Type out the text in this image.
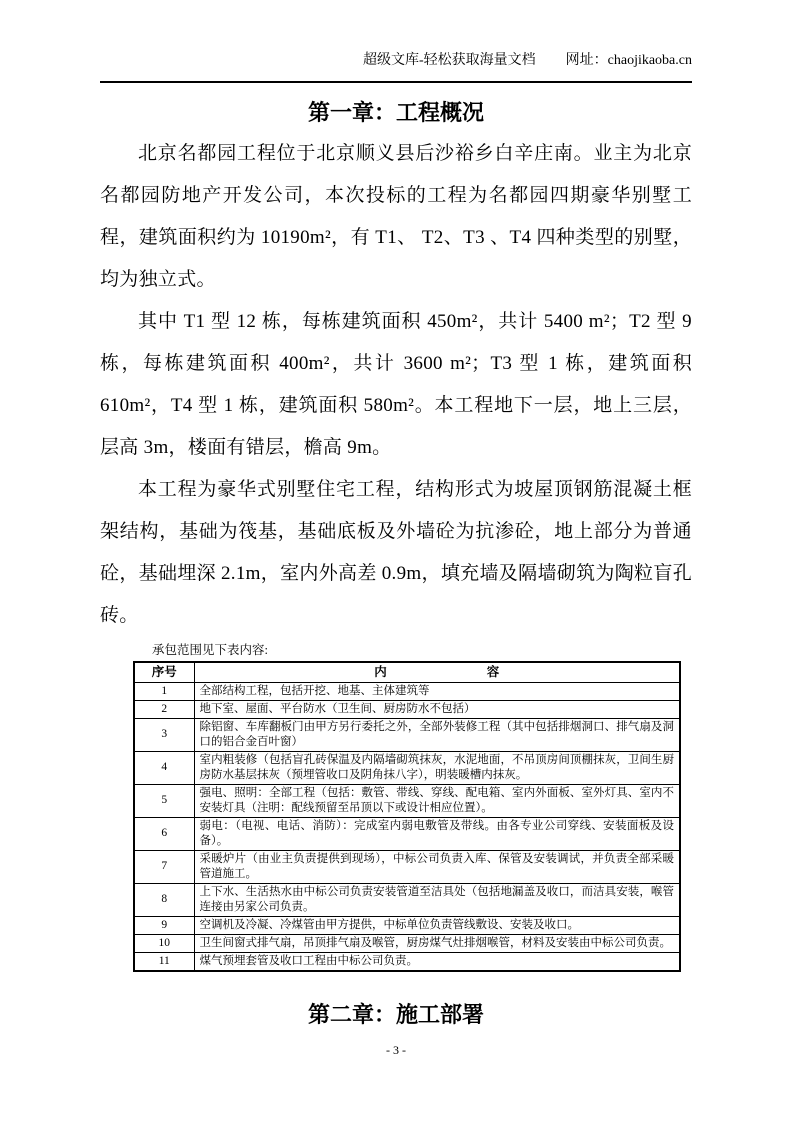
超级文库-轻松获取海量文档 网址：chaojikaoba.cn
第一章：工程概况

北京名都园工程位于北京顺义县后沙裕乡白辛庄南。业主为北京名都园防地产开发公司，本次投标的工程为名都园四期豪华别墅工程，建筑面积约为 10190m²，有 T1、 T2、T3 、T4 四种类型的别墅，均为独立式。

其中 T1 型 12 栋，每栋建筑面积 450m²，共计 5400 m²；T2 型 9 栋，每栋建筑面积 400m²，共计 3600 m²；T3 型 1 栋，建筑面积 610m²，T4 型 1 栋，建筑面积 580m²。本工程地下一层，地上三层，层高 3m，楼面有错层，檐高 9m。

本工程为豪华式别墅住宅工程，结构形式为坡屋顶钢筋混凝土框架结构，基础为筏基，基础底板及外墙砼为抗渗砼，地上部分为普通砼，基础埋深 2.1m，室内外高差 0.9m，填充墙及隔墙砌筑为陶粒盲孔砖。

承包范围见下表内容:
序号	内　　　　　　　　容
1	全部结构工程，包括开挖、地基、主体建筑等
2	地下室、屋面、平台防水（卫生间、厨房防水不包括）
3	除铝窗、车库翻板门由甲方另行委托之外，全部外装修工程（其中包括排烟洞口、排气扇及洞口的铝合金百叶窗）
4	室内粗装修（包括盲孔砖保温及内隔墙砌筑抹灰，水泥地面，不吊顶房间顶棚抹灰，卫间生厨房防水基层抹灰（预埋管收口及阴角抹八字），明装暖槽内抹灰。
5	强电、照明：全部工程（包括：敷管、带线、穿线、配电箱、室内外面板、室外灯具、室内不安装灯具（注明：配线预留至吊顶以下或设计相应位置）。
6	弱电：（电视、电话、消防）：完成室内弱电敷管及带线。由各专业公司穿线、安装面板及设备）。
7	采暖炉片（由业主负责提供到现场），中标公司负责入库、保管及安装调试，并负责全部采暖管道施工。
8	上下水、生活热水由中标公司负责安装管道至洁具处（包括地漏盖及收口，而洁具安装，喉管连接由另家公司负责。
9	空调机及冷凝、冷煤管由甲方提供，中标单位负责管线敷设、安装及收口。
10	卫生间窗式排气扇，吊顶排气扇及喉管，厨房煤气灶排烟喉管，材料及安装由中标公司负责。
11	煤气预埋套管及收口工程由中标公司负责。
第二章：施工部署
- 3 -
